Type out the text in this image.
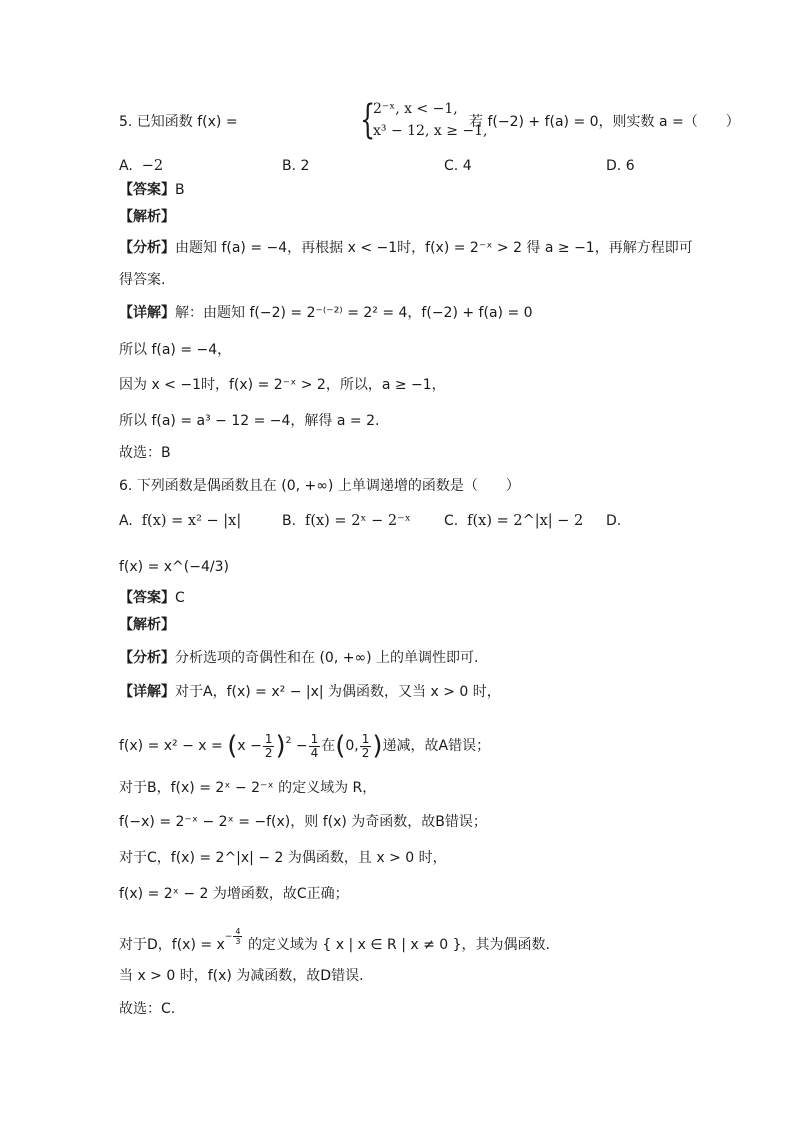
5. 已知函数 f(x) =	{
2⁻ˣ, x < −1,
x³ − 12, x ≥ −1,
若 f(−2) + f(a) = 0，则实数 a =（　　）
A. −2	B. 2	C. 4	D. 6
【答案】B
【解析】
【分析】由题知 f(a) = −4，再根据 x < −1时，f(x) = 2⁻ˣ > 2 得 a ≥ −1，再解方程即可
得答案.
【详解】解：由题知 f(−2) = 2⁻⁽⁻²⁾ = 2² = 4，f(−2) + f(a) = 0
所以 f(a) = −4，
因为 x < −1时，f(x) = 2⁻ˣ > 2，所以，a ≥ −1，
所以 f(a) = a³ − 12 = −4，解得 a = 2.
故选：B
6. 下列函数是偶函数且在 (0, +∞) 上单调递增的函数是（　　）
A. f(x) = x² − |x|	B. f(x) = 2ˣ − 2⁻ˣ C. f(x) = 2^|x| − 2 D.
f(x) = x^(−4/3)
【答案】C
【解析】
【分析】分析选项的奇偶性和在 (0, +∞) 上的单调性即可.
【详解】对于A，f(x) = x² − |x| 为偶函数，又当 x > 0 时，
$f(x) = x^2 - x = (x - \frac{1}{2} )^2 - \frac{1}{4}$ 在(0, $\frac{1}{2}$ )递减，故A错误；
对于B，f(x) = 2ˣ − 2⁻ˣ 的定义域为 R，
f(−x) = 2⁻ˣ − 2ˣ = −f(x)，则 f(x) 为奇函数，故B错误；
对于C，f(x) = 2^|x| − 2 为偶函数，且 x > 0 时，
f(x) = 2ˣ − 2 为增函数，故C正确；
对于D，$f(x) = x^{- \frac{4}{3}}$ 的定义域为 { x | x ∈ R | x ≠ 0 }，其为偶函数.
当 x > 0 时，f(x) 为减函数，故D错误.
故选：C.
